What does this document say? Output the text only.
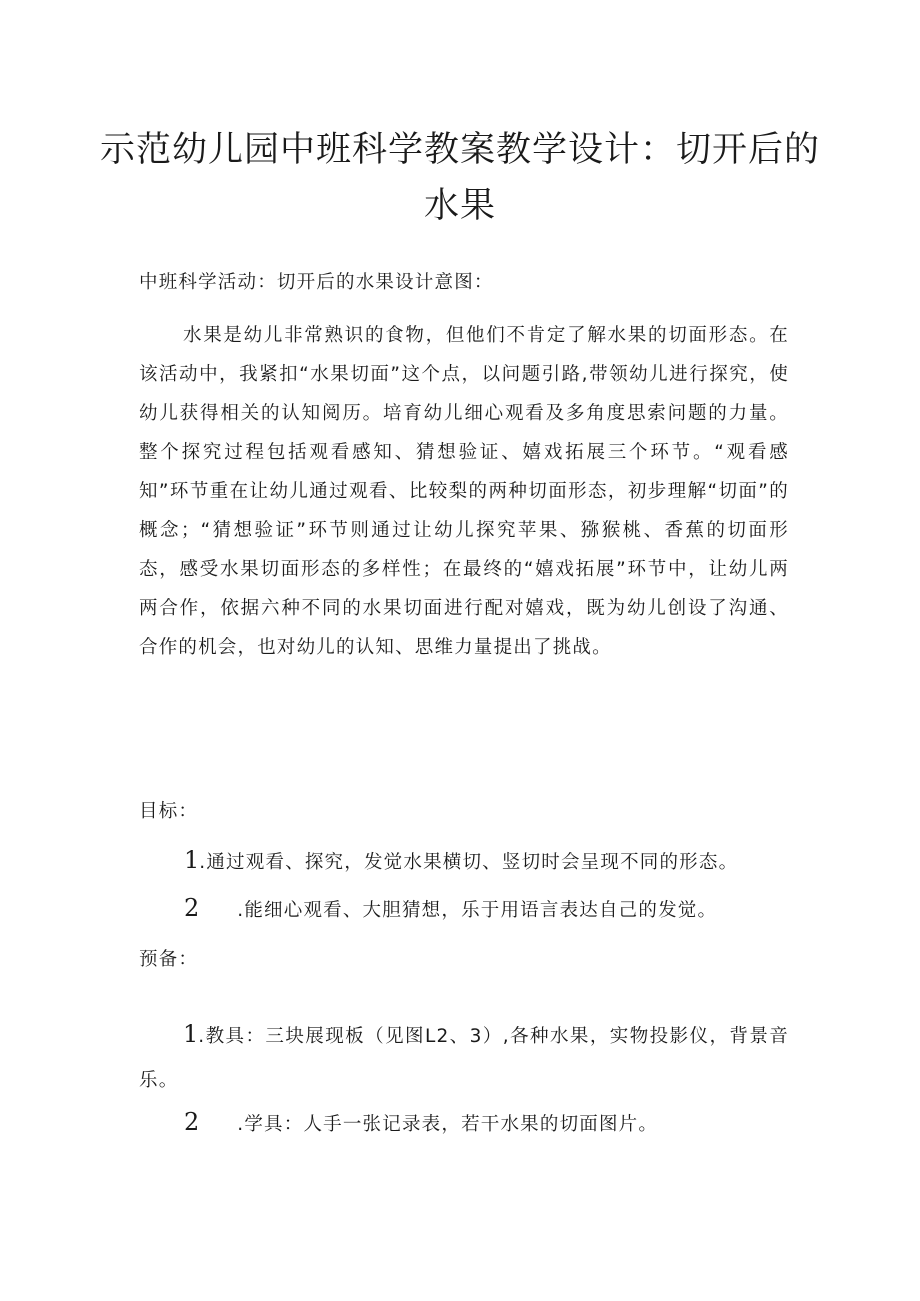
示范幼儿园中班科学教案教学设计：切开后的水果
中班科学活动：切开后的水果设计意图：

水果是幼儿非常熟识的食物，但他们不肯定了解水果的切面形态。在该活动中，我紧扣“水果切面”这个点，以问题引路,带领幼儿进行探究，使幼儿获得相关的认知阅历。培育幼儿细心观看及多角度思索问题的力量。整个探究过程包括观看感知、猜想验证、嬉戏拓展三个环节。“观看感知”环节重在让幼儿通过观看、比较梨的两种切面形态，初步理解“切面”的概念；“猜想验证”环节则通过让幼儿探究苹果、猕猴桃、香蕉的切面形态，感受水果切面形态的多样性；在最终的“嬉戏拓展”环节中，让幼儿两两合作，依据六种不同的水果切面进行配对嬉戏，既为幼儿创设了沟通、合作的机会，也对幼儿的认知、思维力量提出了挑战。

目标：
1.通过观看、探究，发觉水果横切、竖切时会呈现不同的形态。
2 .能细心观看、大胆猜想，乐于用语言表达自己的发觉。
预备：

1.教具：三块展现板（见图L2、3）,各种水果，实物投影仪，背景音乐。

2 .学具：人手一张记录表，若干水果的切面图片。
